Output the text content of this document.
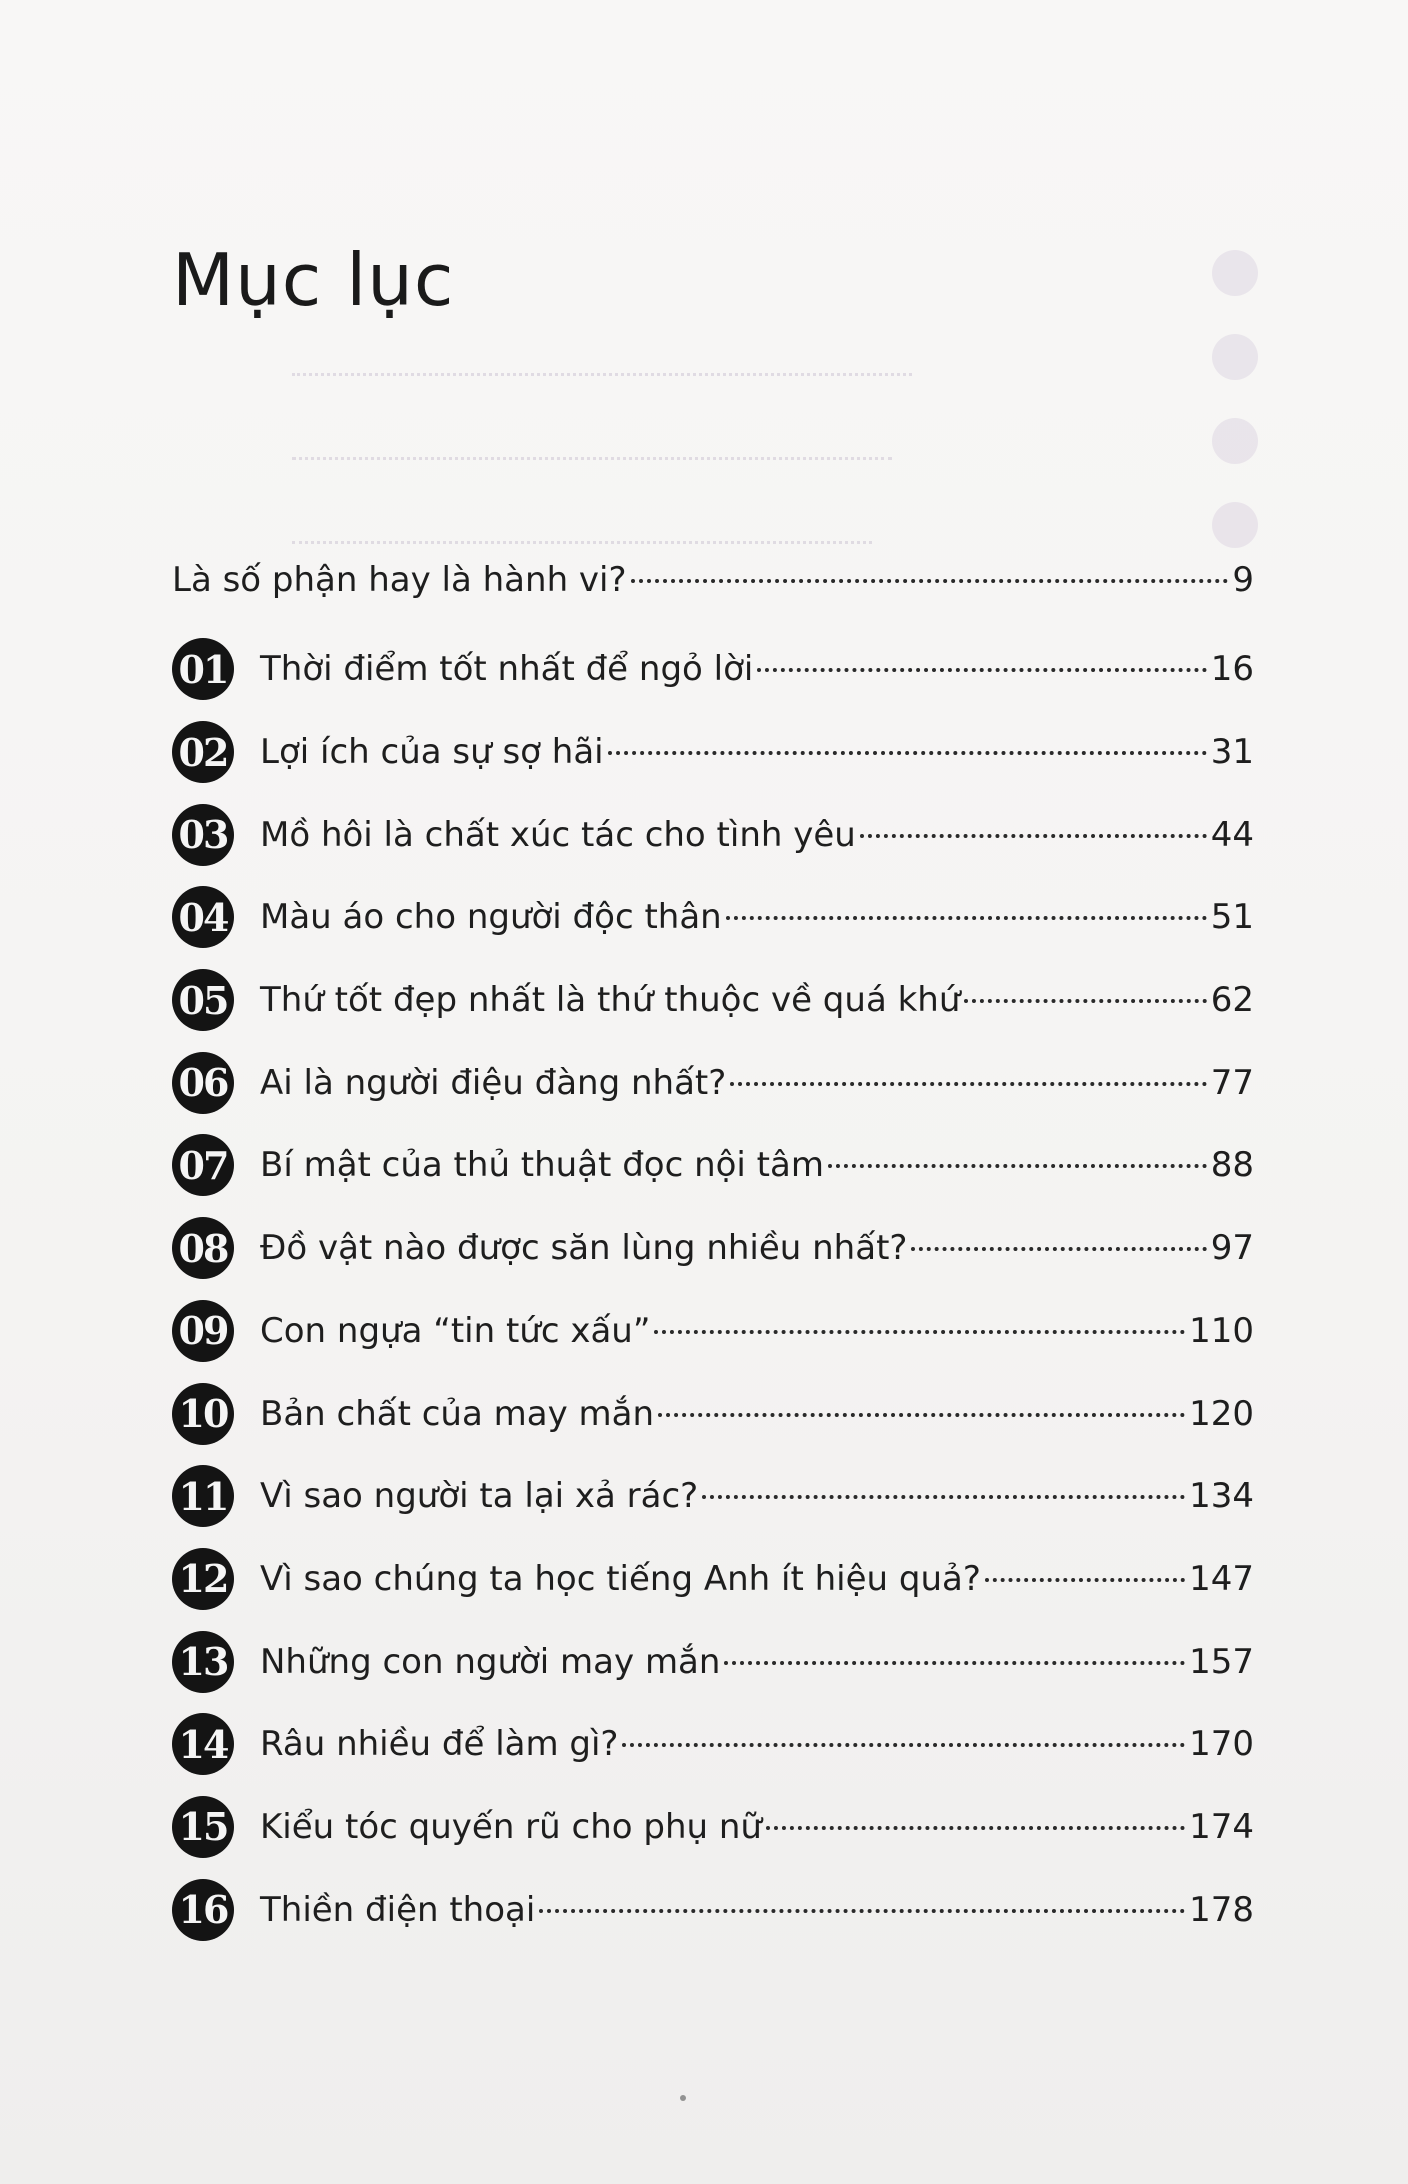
Mục lục
Là số phận hay là hành vi?	9
01 Thời điểm tốt nhất để ngỏ lời	16
02 Lợi ích của sự sợ hãi	31
03 Mồ hôi là chất xúc tác cho tình yêu	44
04 Màu áo cho người độc thân	51
05 Thứ tốt đẹp nhất là thứ thuộc về quá khứ	62
06 Ai là người điệu đàng nhất?	77
07 Bí mật của thủ thuật đọc nội tâm	88
08 Đồ vật nào được săn lùng nhiều nhất?	97
09 Con ngựa “tin tức xấu”	110
10 Bản chất của may mắn	120
11 Vì sao người ta lại xả rác?	134
12 Vì sao chúng ta học tiếng Anh ít hiệu quả?	147
13 Những con người may mắn	157
14 Râu nhiều để làm gì?	170
15 Kiểu tóc quyến rũ cho phụ nữ	174
16 Thiền điện thoại	178
